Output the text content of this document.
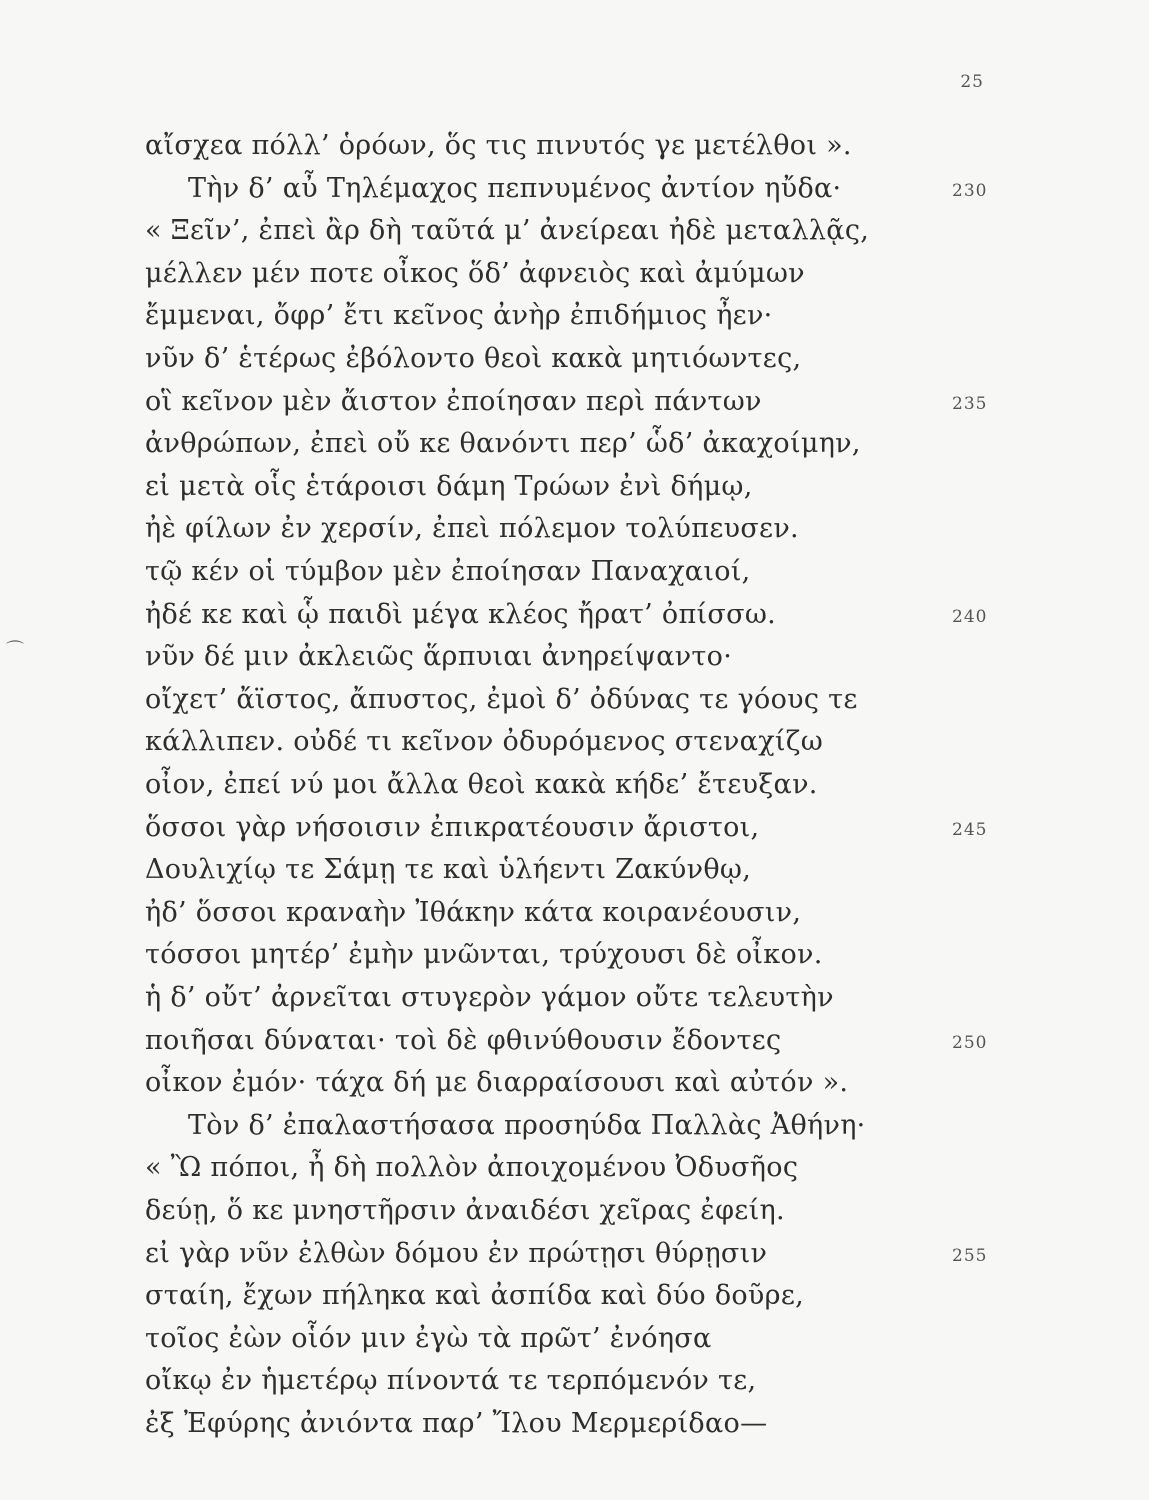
25
⌒
αἴσχεα πόλλ’ ὁρόων, ὅς τις πινυτός γε μετέλθοι ».
Τὴν δ’ αὖ Τηλέμαχος πεπνυμένος ἀντίον ηὔδα·	230
« Ξεῖν’, ἐπεὶ ἂρ δὴ ταῦτά μ’ ἀνείρεαι ἠδὲ μεταλλᾷς,
μέλλεν μέν ποτε οἶκος ὅδ’ ἀφνειὸς καὶ ἀμύμων
ἔμμεναι, ὄφρ’ ἔτι κεῖνος ἀνὴρ ἐπιδήμιος ἦεν·
νῦν δ’ ἑτέρως ἐβόλοντο θεοὶ κακὰ μητιόωντες,
οἳ κεῖνον μὲν ἄιστον ἐποίησαν περὶ πάντων	235
ἀνθρώπων, ἐπεὶ οὔ κε θανόντι περ’ ὧδ’ ἀκαχοίμην,
εἰ μετὰ οἷς ἑτάροισι δάμη Τρώων ἐνὶ δήμῳ,
ἠὲ φίλων ἐν χερσίν, ἐπεὶ πόλεμον τολύπευσεν.
τῷ κέν οἱ τύμβον μὲν ἐποίησαν Παναχαιοί,
ἠδέ κε καὶ ᾧ παιδὶ μέγα κλέος ἤρατ’ ὀπίσσω.	240
νῦν δέ μιν ἀκλειῶς ἅρπυιαι ἀνηρείψαντο·
οἴχετ’ ἄϊστος, ἄπυστος, ἐμοὶ δ’ ὀδύνας τε γόους τε
κάλλιπεν. οὐδέ τι κεῖνον ὀδυρόμενος στεναχίζω
οἶον, ἐπεί νύ μοι ἄλλα θεοὶ κακὰ κήδε’ ἔτευξαν.
ὅσσοι γὰρ νήσοισιν ἐπικρατέουσιν ἄριστοι,	245
Δουλιχίῳ τε Σάμῃ τε καὶ ὑλήεντι Ζακύνθῳ,
ἠδ’ ὅσσοι κραναὴν Ἰθάκην κάτα κοιρανέουσιν,
τόσσοι μητέρ’ ἐμὴν μνῶνται, τρύχουσι δὲ οἶκον.
ἡ δ’ οὔτ’ ἀρνεῖται στυγερὸν γάμον οὔτε τελευτὴν
ποιῆσαι δύναται· τοὶ δὲ φθινύθουσιν ἔδοντες	250
οἶκον ἐμόν· τάχα δή με διαρραίσουσι καὶ αὐτόν ».
Τὸν δ’ ἐπαλαστήσασα προσηύδα Παλλὰς Ἀθήνη·
« Ὢ πόποι, ἦ δὴ πολλὸν ἀποιχομένου Ὀδυσῆος
δεύῃ, ὅ κε μνηστῆρσιν ἀναιδέσι χεῖρας ἐφείη.
εἰ γὰρ νῦν ἐλθὼν δόμου ἐν πρώτῃσι θύρῃσιν	255
σταίη, ἔχων πήληκα καὶ ἀσπίδα καὶ δύο δοῦρε,
τοῖος ἐὼν οἷόν μιν ἐγὼ τὰ πρῶτ’ ἐνόησα
οἴκῳ ἐν ἡμετέρῳ πίνοντά τε τερπόμενόν τε,
ἐξ Ἐφύρης ἀνιόντα παρ’ Ἴλου Μερμερίδαο—
